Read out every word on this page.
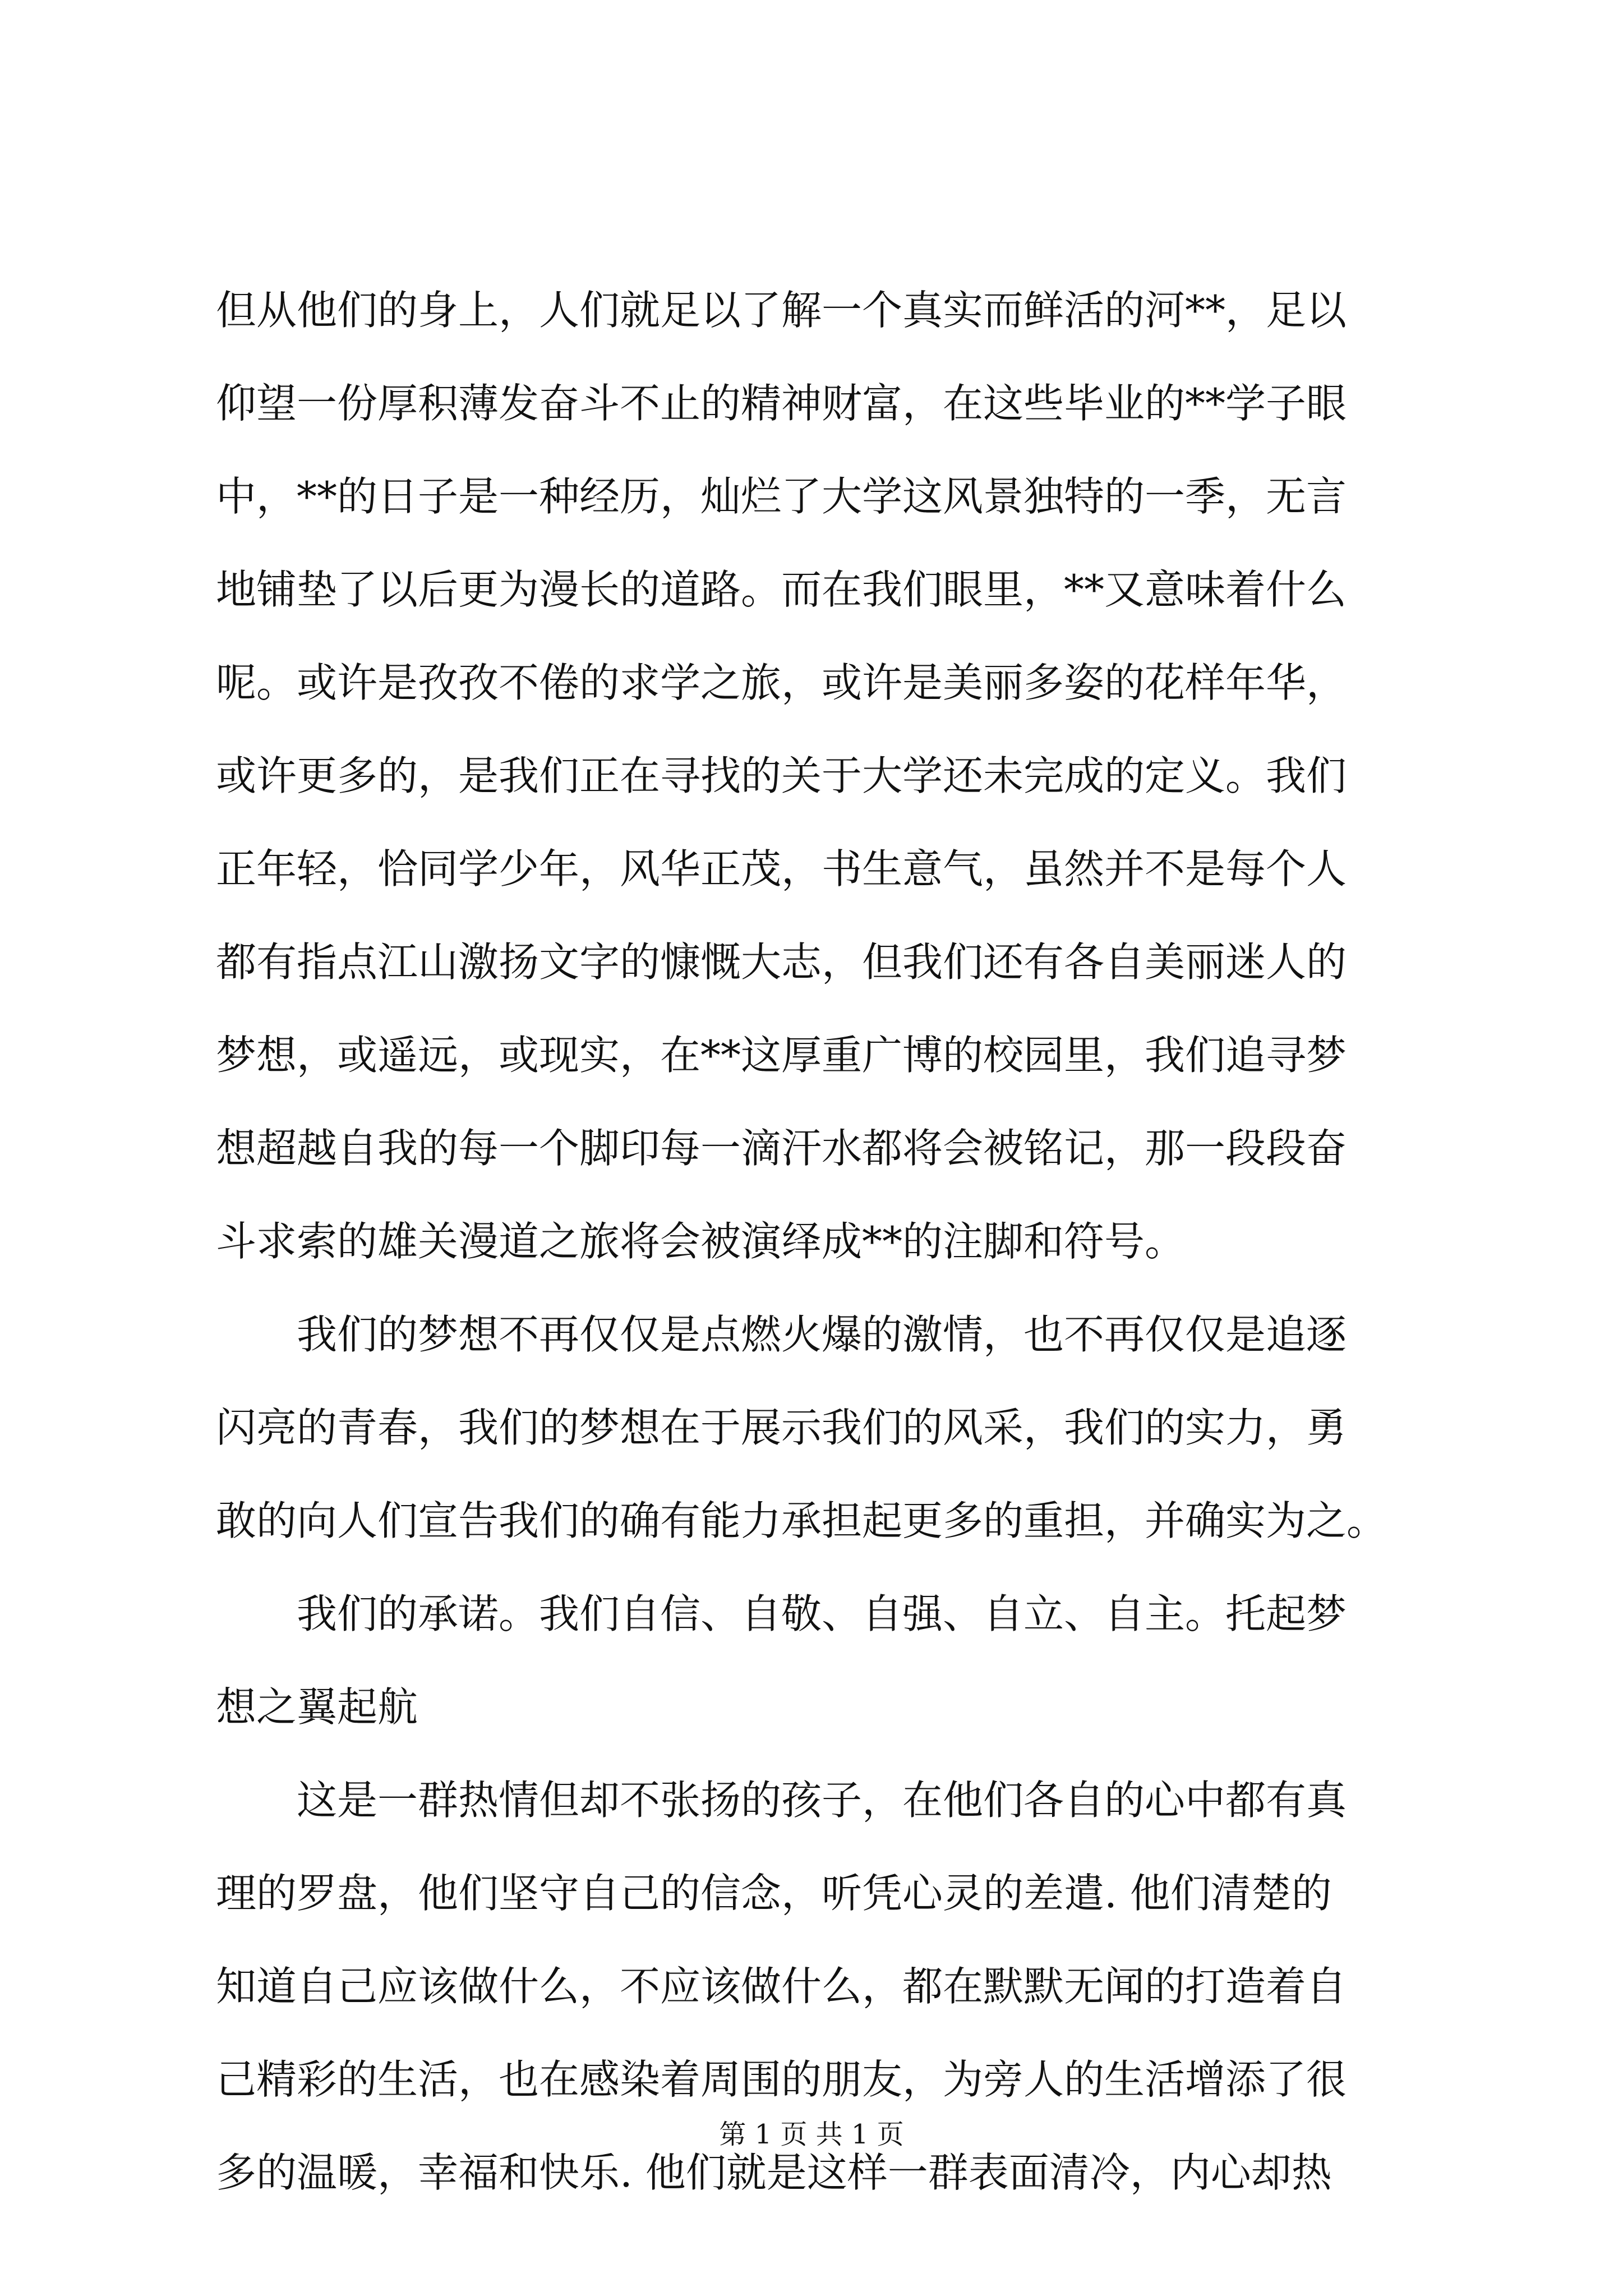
但从他们的身上，人们就足以了解一个真实而鲜活的河**，足以
仰望一份厚积薄发奋斗不止的精神财富，在这些毕业的**学子眼
中，**的日子是一种经历，灿烂了大学这风景独特的一季，无言
地铺垫了以后更为漫长的道路。而在我们眼里，**又意味着什么
呢。或许是孜孜不倦的求学之旅，或许是美丽多姿的花样年华，
或许更多的，是我们正在寻找的关于大学还未完成的定义。我们
正年轻，恰同学少年，风华正茂，书生意气，虽然并不是每个人
都有指点江山激扬文字的慷慨大志，但我们还有各自美丽迷人的
梦想，或遥远，或现实，在**这厚重广博的校园里，我们追寻梦
想超越自我的每一个脚印每一滴汗水都将会被铭记，那一段段奋
斗求索的雄关漫道之旅将会被演绎成**的注脚和符号。
　　我们的梦想不再仅仅是点燃火爆的激情，也不再仅仅是追逐
闪亮的青春，我们的梦想在于展示我们的风采，我们的实力，勇
敢的向人们宣告我们的确有能力承担起更多的重担，并确实为之。
　　我们的承诺。我们自信、自敬、自强、自立、自主。托起梦
想之翼起航
　　这是一群热情但却不张扬的孩子，在他们各自的心中都有真
理的罗盘，他们坚守自己的信念，听凭心灵的差遣. 他们清楚的
知道自己应该做什么，不应该做什么，都在默默无闻的打造着自
己精彩的生活，也在感染着周围的朋友，为旁人的生活增添了很
多的温暖，幸福和快乐. 他们就是这样一群表面清冷，内心却热
第 1 页 共 1 页
